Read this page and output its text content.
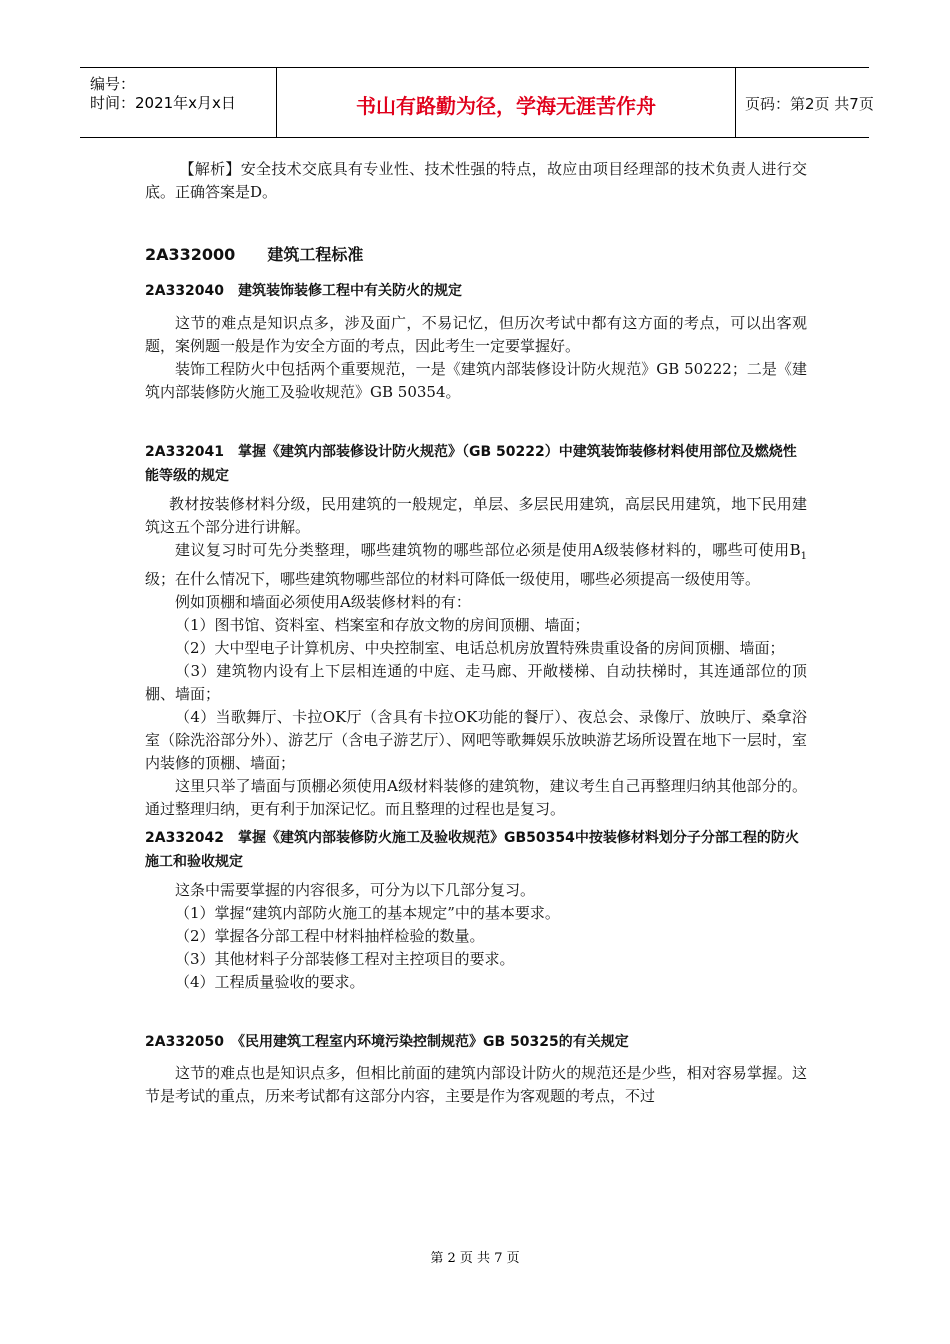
编号：
时间：2021年x月x日	书山有路勤为径，学海无涯苦作舟	页码：第2页 共7页

【解析】安全技术交底具有专业性、技术性强的特点，故应由项目经理部的技术负责人进行交底。正确答案是D。

2A332000　　建筑工程标准

2A332040　建筑装饰装修工程中有关防火的规定

这节的难点是知识点多，涉及面广，不易记忆，但历次考试中都有这方面的考点，可以出客观题，案例题一般是作为安全方面的考点，因此考生一定要掌握好。

装饰工程防火中包括两个重要规范，一是《建筑内部装修设计防火规范》GB 50222；二是《建筑内部装修防火施工及验收规范》GB 50354。

2A332041　掌握《建筑内部装修设计防火规范》（GB 50222）中建筑装饰装修材料使用部位及燃烧性能等级的规定

教材按装修材料分级，民用建筑的一般规定，单层、多层民用建筑，高层民用建筑，地下民用建筑这五个部分进行讲解。

建议复习时可先分类整理，哪些建筑物的哪些部位必须是使用A级装修材料的，哪些可使用$B_1$级；在什么情况下，哪些建筑物哪些部位的材料可降低一级使用，哪些必须提高一级使用等。

例如顶棚和墙面必须使用A级装修材料的有：

（1）图书馆、资料室、档案室和存放文物的房间顶棚、墙面；

（2）大中型电子计算机房、中央控制室、电话总机房放置特殊贵重设备的房间顶棚、墙面；

（3）建筑物内设有上下层相连通的中庭、走马廊、开敞楼梯、自动扶梯时，其连通部位的顶棚、墙面；

（4）当歌舞厅、卡拉OK厅（含具有卡拉OK功能的餐厅）、夜总会、录像厅、放映厅、桑拿浴室（除洗浴部分外）、游艺厅（含电子游艺厅）、网吧等歌舞娱乐放映游艺场所设置在地下一层时，室内装修的顶棚、墙面；

这里只举了墙面与顶棚必须使用A级材料装修的建筑物，建议考生自己再整理归纳其他部分的。通过整理归纳，更有利于加深记忆。而且整理的过程也是复习。

2A332042　掌握《建筑内部装修防火施工及验收规范》GB50354中按装修材料划分子分部工程的防火施工和验收规定

这条中需要掌握的内容很多，可分为以下几部分复习。

（1）掌握“建筑内部防火施工的基本规定”中的基本要求。

（2）掌握各分部工程中材料抽样检验的数量。

（3）其他材料子分部装修工程对主控项目的要求。

（4）工程质量验收的要求。

2A332050　《民用建筑工程室内环境污染控制规范》GB 50325的有关规定

这节的难点也是知识点多，但相比前面的建筑内部设计防火的规范还是少些，相对容易掌握。这节是考试的重点，历来考试都有这部分内容，主要是作为客观题的考点，不过

第 2 页 共 7 页
